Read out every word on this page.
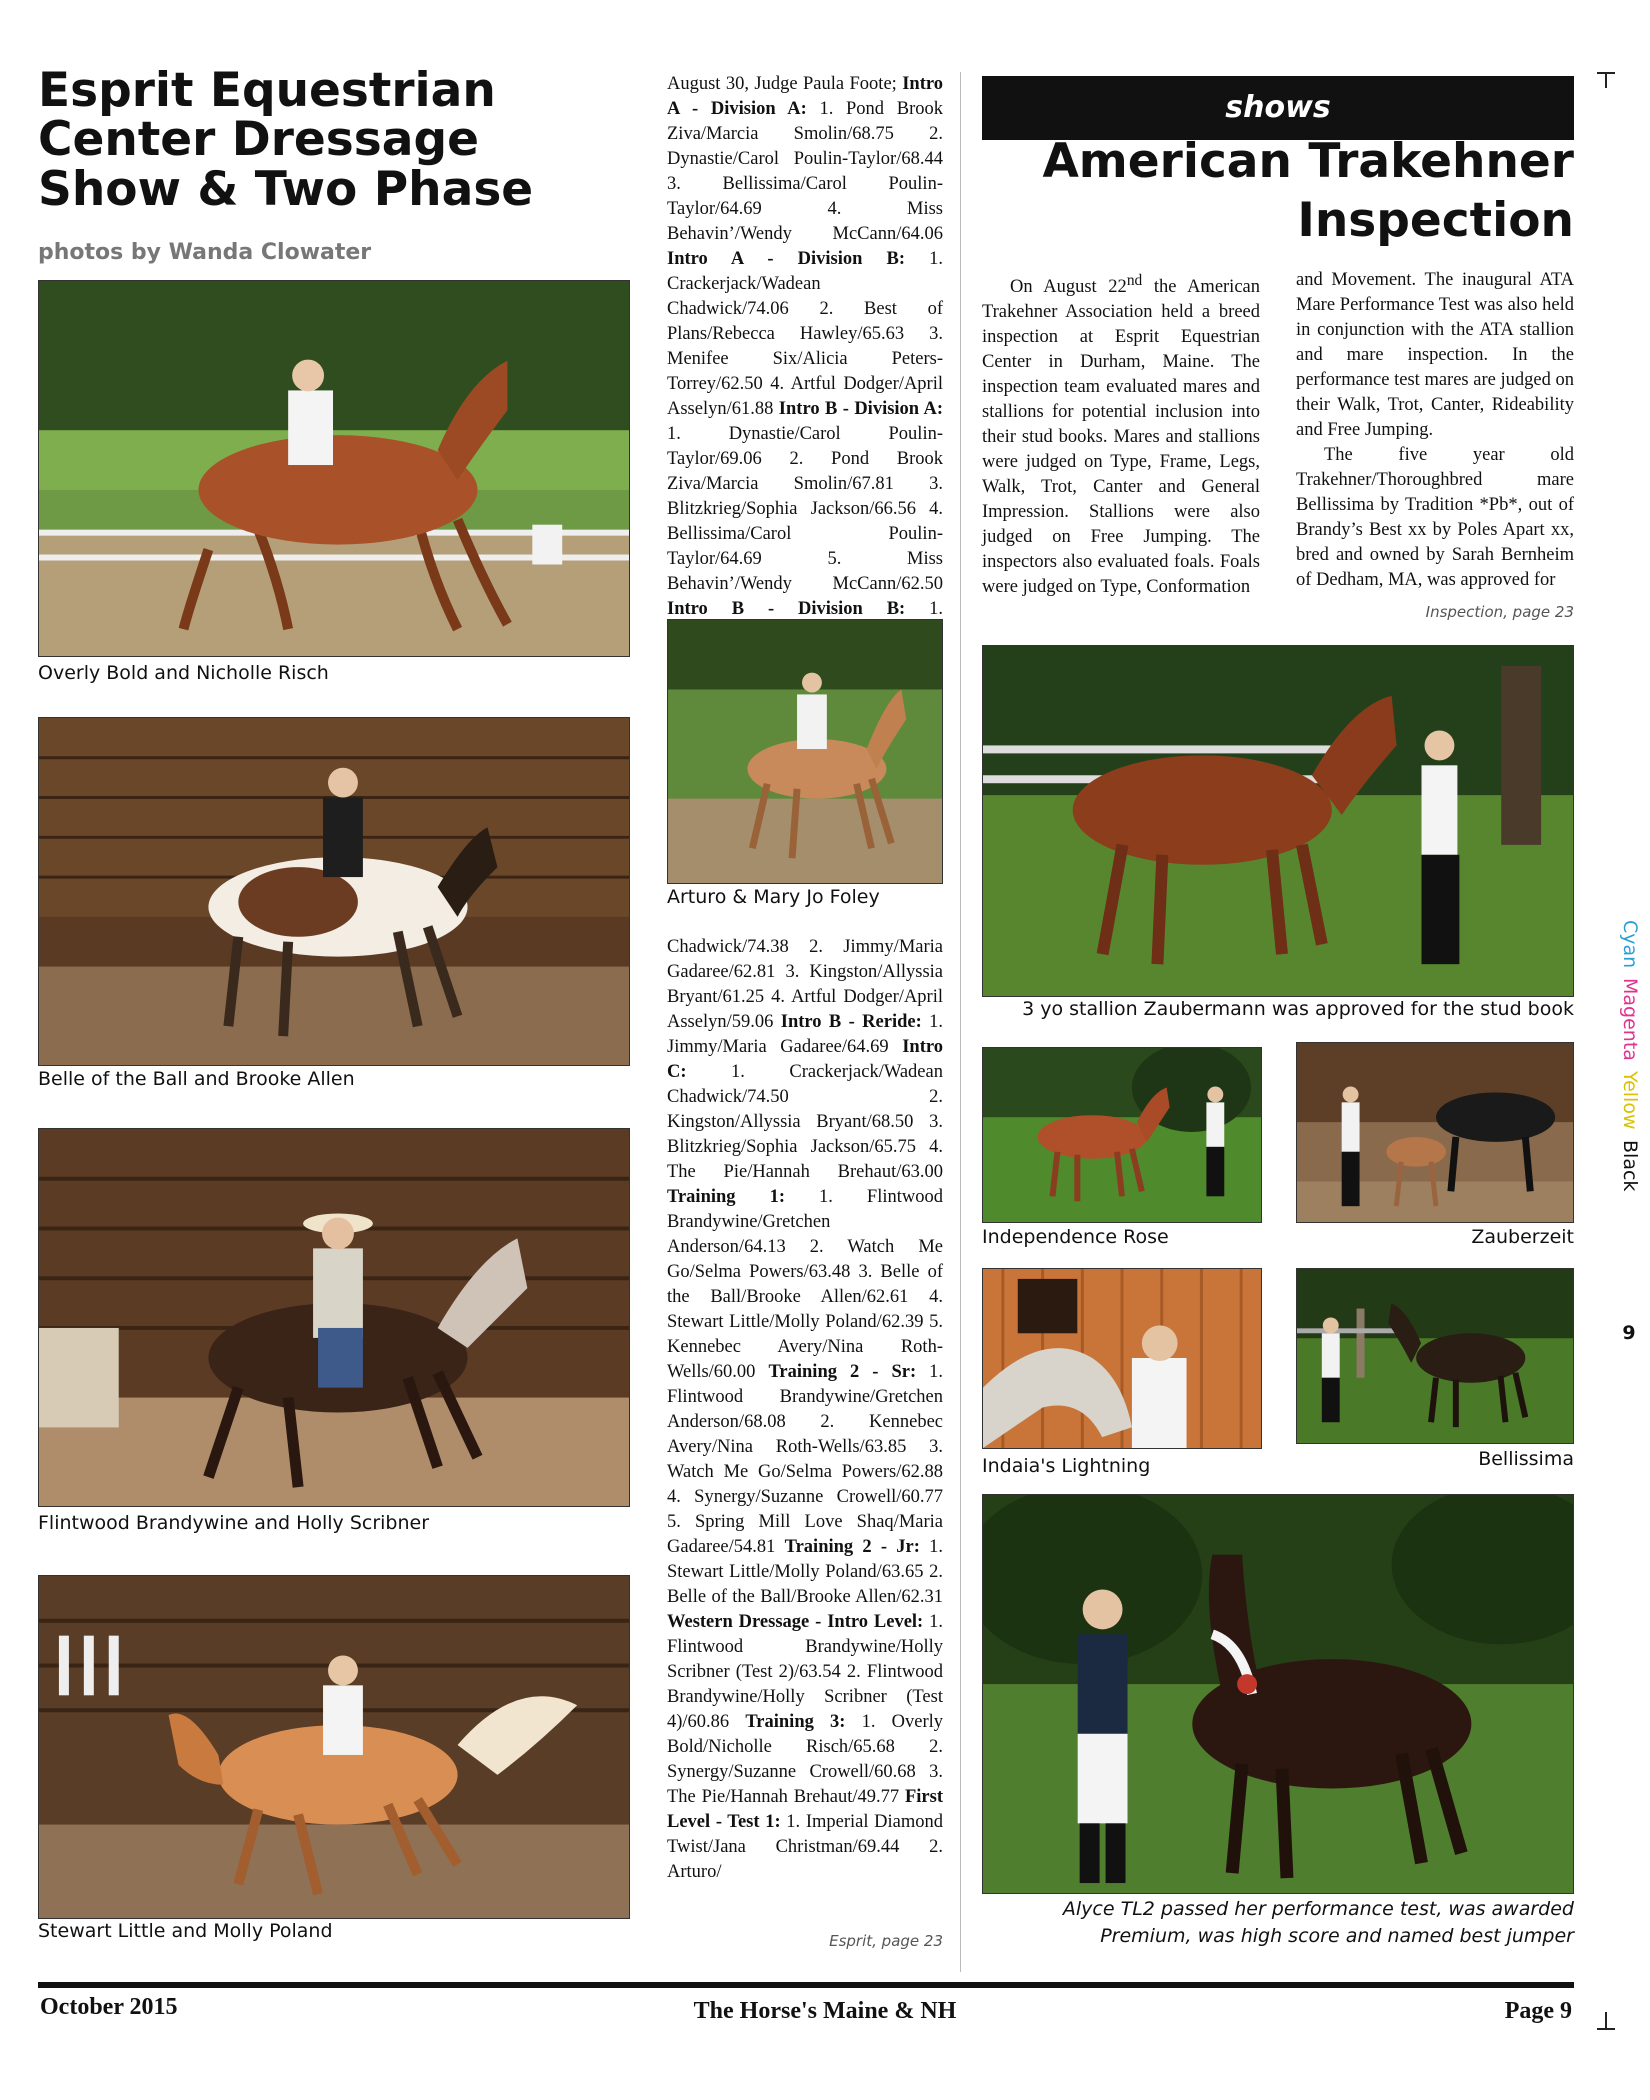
Esprit Equestrian Center Dressage Show & Two Phase
photos by Wanda Clowater
Overly Bold and Nicholle Risch
Belle of the Ball and Brooke Allen
Flintwood Brandywine and Holly Scribner
Stewart Little and Molly Poland
August 30, Judge Paula Foote; Intro A - Division A: 1. Pond Brook Ziva/Marcia Smolin/68.75 2. Dynastie/Carol Poulin-Taylor/68.44 3. Bellissima/Carol Poulin-Taylor/64.69 4. Miss Behavin’/Wendy McCann/64.06 Intro A - Division B: 1. Crackerjack/Wadean Chadwick/74.06 2. Best of Plans/Rebecca Hawley/65.63 3. Menifee Six/Alicia Peters-Torrey/62.50 4. Artful Dodger/April Asselyn/61.88 Intro B - Division A: 1. Dynastie/Carol Poulin-Taylor/69.06 2. Pond Brook Ziva/Marcia Smolin/67.81 3. Blitzkrieg/Sophia Jackson/66.56 4. Bellissima/Carol Poulin-Taylor/64.69 5. Miss Behavin’/Wendy McCann/62.50 Intro B - Division B: 1.
Arturo & Mary Jo Foley
Chadwick/74.38 2. Jimmy/Maria Gadaree/62.81 3. Kingston/Allyssia Bryant/61.25 4. Artful Dodger/April Asselyn/59.06 Intro B - Reride: 1. Jimmy/Maria Gadaree/64.69 Intro C: 1. Crackerjack/Wadean Chadwick/74.50 2. Kingston/Allyssia Bryant/68.50 3. Blitzkrieg/Sophia Jackson/65.75 4. The Pie/Hannah Brehaut/63.00 Training 1: 1. Flintwood Brandywine/Gretchen Anderson/64.13 2. Watch Me Go/Selma Powers/63.48 3. Belle of the Ball/Brooke Allen/62.61 4. Stewart Little/Molly Poland/62.39 5. Kennebec Avery/Nina Roth-Wells/60.00 Training 2 - Sr: 1. Flintwood Brandywine/Gretchen Anderson/68.08 2. Kennebec Avery/Nina Roth-Wells/63.85 3. Watch Me Go/Selma Powers/62.88 4. Synergy/Suzanne Crowell/60.77 5. Spring Mill Love Shaq/Maria Gadaree/54.81 Training 2 - Jr: 1. Stewart Little/Molly Poland/63.65 2. Belle of the Ball/Brooke Allen/62.31 Western Dressage - Intro Level: 1. Flintwood Brandywine/Holly Scribner (Test 2)/63.54 2. Flintwood Brandywine/Holly Scribner (Test 4)/60.86 Training 3: 1. Overly Bold/Nicholle Risch/65.68 2. Synergy/Suzanne Crowell/60.68 3. The Pie/Hannah Brehaut/49.77 First Level - Test 1: 1. Imperial Diamond Twist/Jana Christman/69.44 2. Arturo/
Esprit, page 23
shows
American Trakehner
Inspection
On August 22nd the American Trakehner Association held a breed inspection at Esprit Equestrian Center in Durham, Maine. The inspection team evaluated mares and stallions for potential inclusion into their stud books. Mares and stallions were judged on Type, Frame, Legs, Walk, Trot, Canter and General Impression. Stallions were also judged on Free Jumping. The inspectors also evaluated foals. Foals were judged on Type, Conformation

and Movement. The inaugural ATA Mare Performance Test was also held in conjunction with the ATA stallion and mare inspection. In the performance test mares are judged on their Walk, Trot, Canter, Rideability and Free Jumping.

The five year old Trakehner/Thoroughbred mare Bellissima by Tradition *Pb*, out of Brandy’s Best xx by Poles Apart xx, bred and owned by Sarah Bernheim of Dedham, MA, was approved for

Inspection, page 23
3 yo stallion Zaubermann was approved for the stud book
Independence Rose	Zauberzeit
Indaia's Lightning	Bellissima
Alyce TL2 passed her performance test, was awarded
Premium, was high score and named best jumper
Cyan
Magenta
Yellow
Black
9
October 2015	The Horse's Maine & NH	Page 9
